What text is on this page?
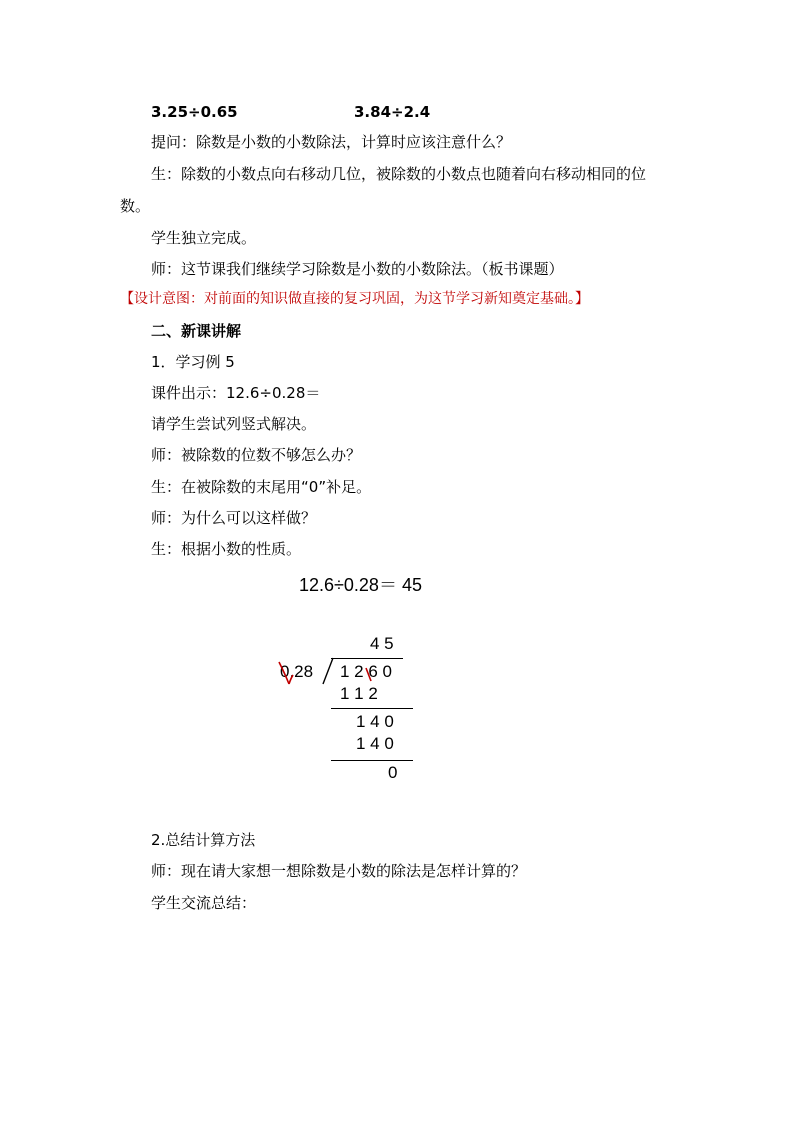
3.25÷0.65	3.84÷2.4
提问：除数是小数的小数除法，计算时应该注意什么？
生：除数的小数点向右移动几位，被除数的小数点也随着向右移动相同的位
数。
学生独立完成。
师：这节课我们继续学习除数是小数的小数除法。（板书课题）
【设计意图：对前面的知识做直接的复习巩固，为这节学习新知奠定基础。】
二、新课讲解
1．学习例 5
课件出示：12.6÷0.28＝
请学生尝试列竖式解决。
师：被除数的位数不够怎么办？
生：在被除数的末尾用“0”补足。
师：为什么可以这样做？
生：根据小数的性质。
12.6÷0.28＝ 45
4 5
0.28 1 2 6 0
1 1 2
1 4 0
1 4 0
0
2.总结计算方法
师：现在请大家想一想除数是小数的除法是怎样计算的？
学生交流总结：
